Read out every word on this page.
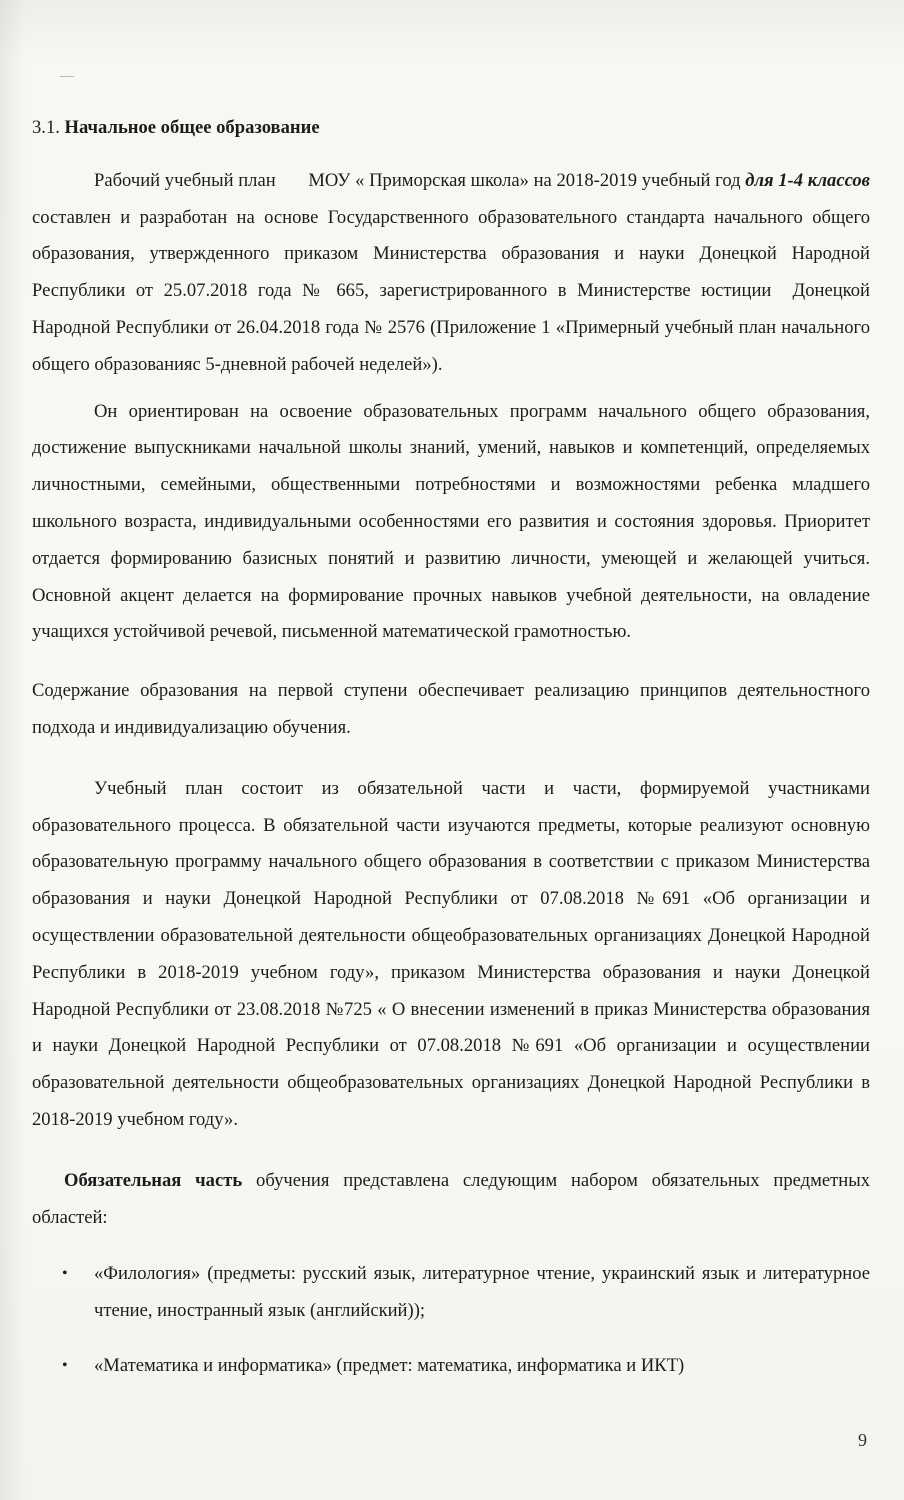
3.1. Начальное общее образование

Рабочий учебный план       МОУ « Приморская школа» на 2018-2019 учебный год для 1-4 классов составлен и разработан на основе Государственного образовательного стандарта начального общего образования, утвержденного приказом Министерства образования и науки Донецкой Народной Республики от 25.07.2018 года № 665, зарегистрированного в Министерстве юстиции  Донецкой Народной Республики от 26.04.2018 года № 2576 (Приложение 1 «Примерный учебный план начального общего образованияс 5-дневной рабочей неделей»).

Он ориентирован на освоение образовательных программ начального общего образования, достижение выпускниками начальной школы знаний, умений, навыков и компетенций, определяемых личностными, семейными, общественными потребностями и возможностями ребенка младшего школьного возраста, индивидуальными особенностями его развития и состояния здоровья. Приоритет отдается формированию базисных понятий и развитию личности, умеющей и желающей учиться. Основной акцент делается на формирование прочных навыков учебной деятельности, на овладение учащихся устойчивой речевой, письменной математической грамотностью.

Содержание образования на первой ступени обеспечивает реализацию принципов деятельностного подхода и индивидуализацию обучения.

Учебный план состоит из обязательной части и части, формируемой участниками образовательного процесса. В обязательной части изучаются предметы, которые реализуют основную образовательную программу начального общего образования в соответствии с приказом Министерства образования и науки Донецкой Народной Республики от 07.08.2018 №691 «Об организации и осуществлении образовательной деятельности общеобразовательных организациях Донецкой Народной Республики в 2018-2019 учебном году», приказом Министерства образования и науки Донецкой Народной Республики от 23.08.2018 №725 « О внесении изменений в приказ Министерства образования и науки Донецкой Народной Республики от 07.08.2018 №691 «Об организации и осуществлении образовательной деятельности общеобразовательных организациях Донецкой Народной Республики в 2018-2019 учебном году».

Обязательная часть обучения представлена следующим набором обязательных предметных областей:

• «Филология» (предметы: русский язык, литературное чтение, украинский язык и литературное чтение, иностранный язык (английский));
• «Математика и информатика» (предмет: математика, информатика и ИКТ)
9
